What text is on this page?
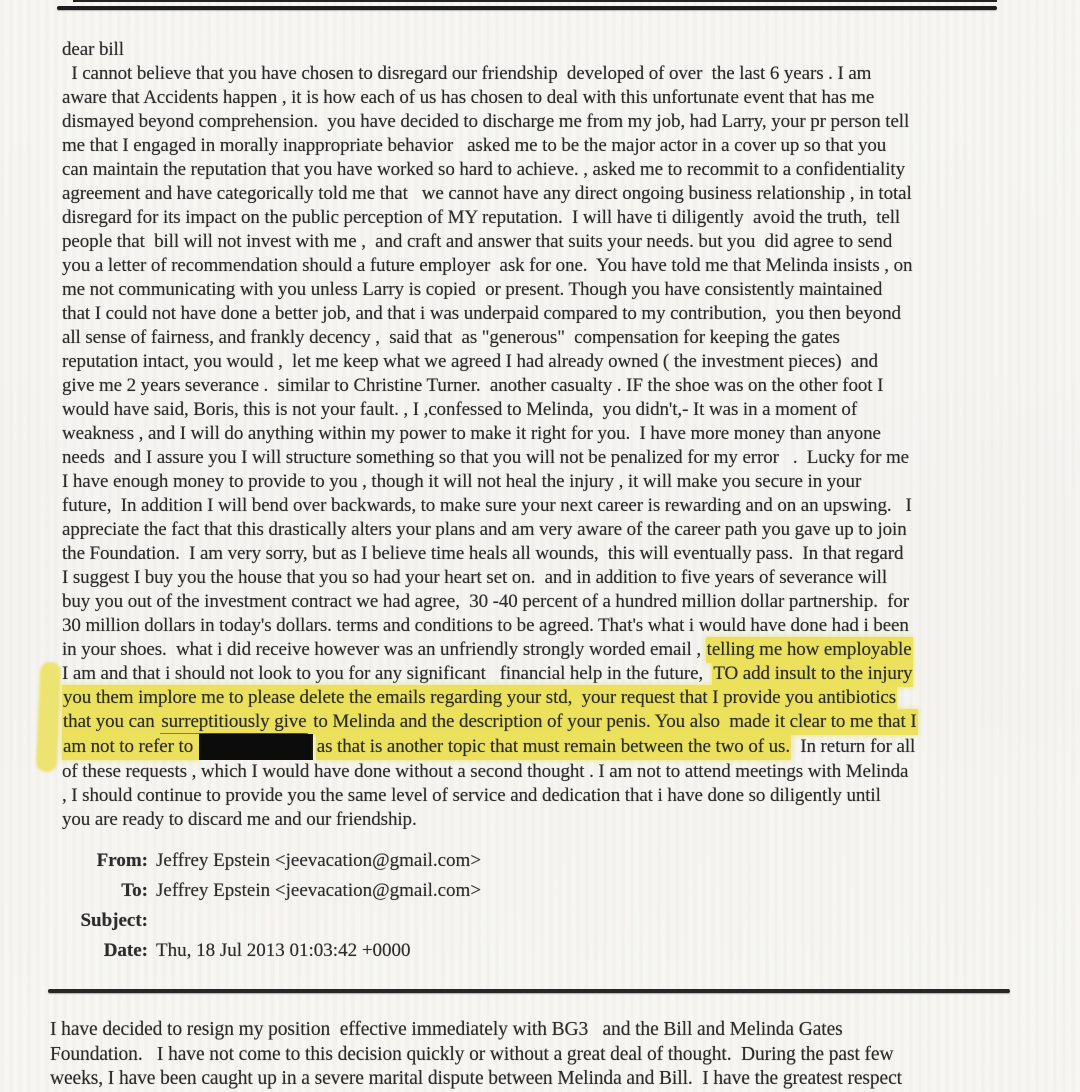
dear bill
I cannot believe that you have chosen to disregard our friendship  developed of over  the last 6 years . I am
aware that Accidents happen , it is how each of us has chosen to deal with this unfortunate event that has me
dismayed beyond comprehension.  you have decided to discharge me from my job, had Larry, your pr person tell
me that I engaged in morally inappropriate behavior   asked me to be the major actor in a cover up so that you
can maintain the reputation that you have worked so hard to achieve. , asked me to recommit to a confidentiality
agreement and have categorically told me that   we cannot have any direct ongoing business relationship , in total
disregard for its impact on the public perception of MY reputation.  I will have ti diligently  avoid the truth,  tell
people that  bill will not invest with me ,  and craft and answer that suits your needs. but you  did agree to send
you a letter of recommendation should a future employer  ask for one.  You have told me that Melinda insists , on
me not communicating with you unless Larry is copied  or present. Though you have consistently maintained
that I could not have done a better job, and that i was underpaid compared to my contribution,  you then beyond
all sense of fairness, and frankly decency ,  said that  as "generous"  compensation for keeping the gates
reputation intact, you would ,  let me keep what we agreed I had already owned ( the investment pieces)  and
give me 2 years severance .  similar to Christine Turner.  another casualty . IF the shoe was on the other foot I
would have said, Boris, this is not your fault. , I ,confessed to Melinda,  you didn't,- It was in a moment of
weakness , and I will do anything within my power to make it right for you.  I have more money than anyone
needs  and I assure you I will structure something so that you will not be penalized for my error   .  Lucky for me
I have enough money to provide to you , though it will not heal the injury , it will make you secure in your
future,  In addition I will bend over backwards, to make sure your next career is rewarding and on an upswing.   I
appreciate the fact that this drastically alters your plans and am very aware of the career path you gave up to join
the Foundation.  I am very sorry, but as I believe time heals all wounds,  this will eventually pass.  In that regard
I suggest I buy you the house that you so had your heart set on.  and in addition to five years of severance will
buy you out of the investment contract we had agree,  30 -40 percent of a hundred million dollar partnership.  for
30 million dollars in today's dollars. terms and conditions to be agreed. That's what i would have done had i been
in your shoes.  what i did receive however was an unfriendly strongly worded email , telling me how employable
I am and that i should not look to you for any significant   financial help in the future,  TO add insult to the injury
you them implore me to please delete the emails regarding your std,  your request that I provide you antibiotics
that you can surreptitiously give to Melinda and the description of your penis. You also  made it clear to me that I
am not to refer to	as that is another topic that must remain between the two of us.  In return for all
of these requests , which I would have done without a second thought . I am not to attend meetings with Melinda
, I should continue to provide you the same level of service and dedication that i have done so diligently until
you are ready to discard me and our friendship.
From: Jeffrey Epstein <jeevacation@gmail.com>
To: Jeffrey Epstein <jeevacation@gmail.com>
Subject:
Date: Thu, 18 Jul 2013 01:03:42 +0000
I have decided to resign my position  effective immediately with BG3   and the Bill and Melinda Gates
Foundation.   I have not come to this decision quickly or without a great deal of thought.  During the past few
weeks, I have been caught up in a severe marital dispute between Melinda and Bill.  I have the greatest respect
